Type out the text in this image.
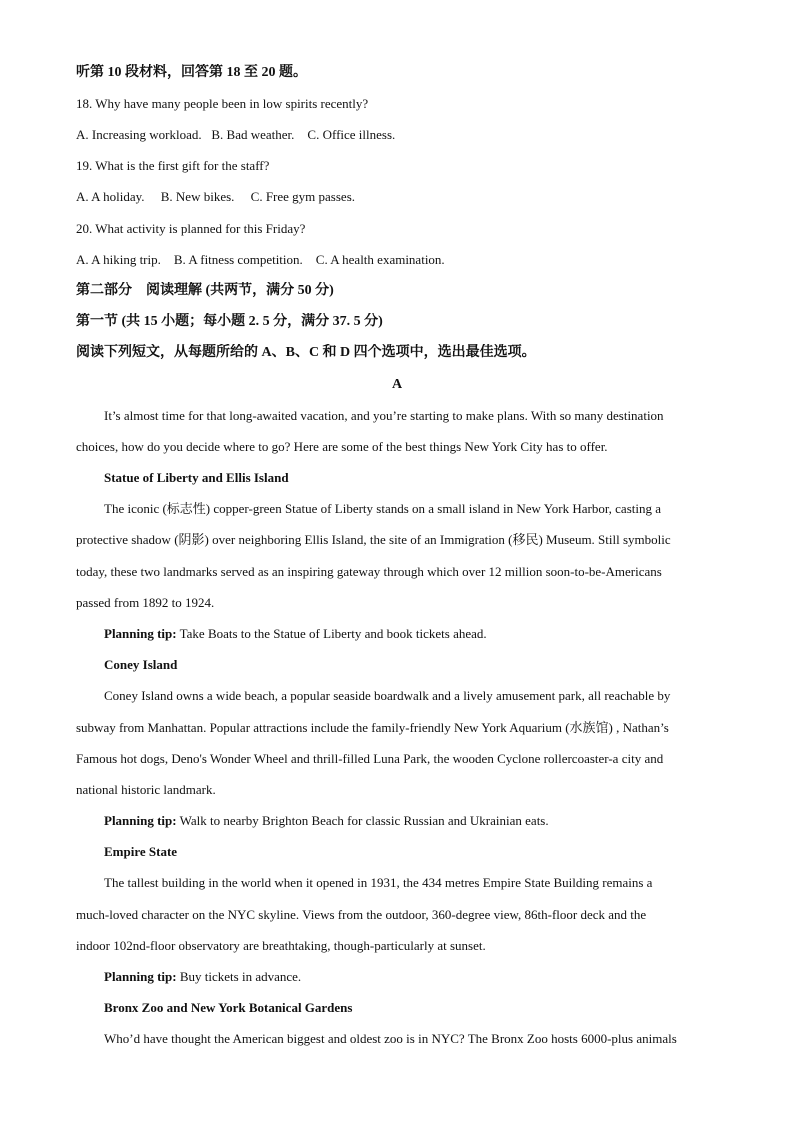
听第 10 段材料，回答第 18 至 20 题。
18. Why have many people been in low spirits recently?
A. Increasing workload.   B. Bad weather.    C. Office illness.
19. What is the first gift for the staff?
A. A holiday.     B. New bikes.     C. Free gym passes.
20. What activity is planned for this Friday?
A. A hiking trip.    B. A fitness competition.    C. A health examination.
第二部分　阅读理解 (共两节，满分 50 分)
第一节 (共 15 小题；每小题 2. 5 分，满分 37. 5 分)
阅读下列短文，从每题所给的 A、B、C 和 D 四个选项中，选出最佳选项。
A
It’s almost time for that long-awaited vacation, and you’re starting to make plans. With so many destination
choices, how do you decide where to go? Here are some of the best things New York City has to offer.
Statue of Liberty and Ellis Island
The iconic (标志性) copper-green Statue of Liberty stands on a small island in New York Harbor, casting a
protective shadow (阴影) over neighboring Ellis Island, the site of an Immigration (移民) Museum. Still symbolic
today, these two landmarks served as an inspiring gateway through which over 12 million soon-to-be-Americans
passed from 1892 to 1924.
Planning tip: Take Boats to the Statue of Liberty and book tickets ahead.
Coney Island
Coney Island owns a wide beach, a popular seaside boardwalk and a lively amusement park, all reachable by
subway from Manhattan. Popular attractions include the family-friendly New York Aquarium (水族馆) , Nathan’s
Famous hot dogs, Deno's Wonder Wheel and thrill-filled Luna Park, the wooden Cyclone rollercoaster-a city and
national historic landmark.
Planning tip: Walk to nearby Brighton Beach for classic Russian and Ukrainian eats.
Empire State
The tallest building in the world when it opened in 1931, the 434 metres Empire State Building remains a
much-loved character on the NYC skyline. Views from the outdoor, 360-degree view, 86th-floor deck and the
indoor 102nd-floor observatory are breathtaking, though-particularly at sunset.
Planning tip: Buy tickets in advance.
Bronx Zoo and New York Botanical Gardens
Who’d have thought the American biggest and oldest zoo is in NYC? The Bronx Zoo hosts 6000-plus animals
